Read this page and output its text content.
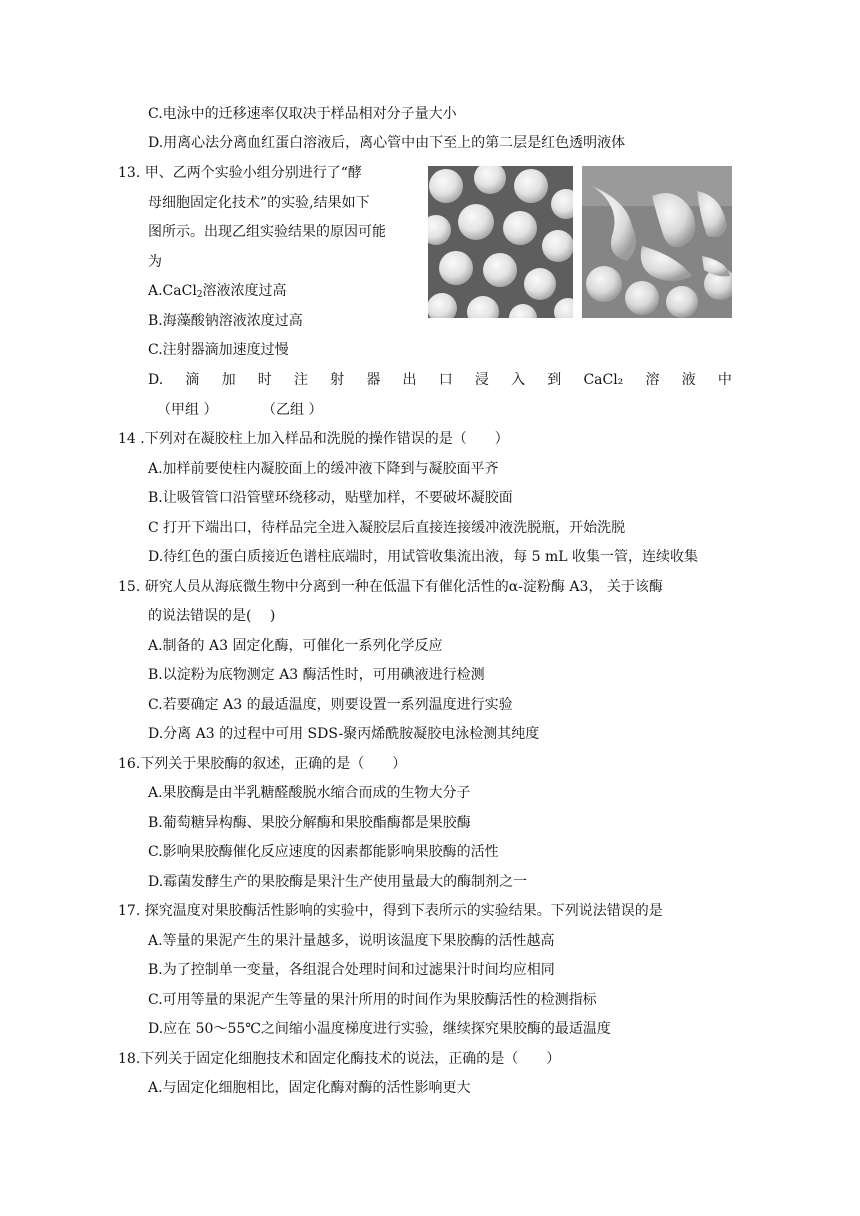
C.电泳中的迁移速率仅取决于样品相对分子量大小
D.用离心法分离血红蛋白溶液后，离心管中由下至上的第二层是红色透明液体
13. 甲、乙两个实验小组分别进行了“酵
母细胞固定化技术”的实验,结果如下
图所示。出现乙组实验结果的原因可能
为
A.CaCl$_2$溶液浓度过高
B.海藻酸钠溶液浓度过高
C.注射器滴加速度过慢
D. 滴 加 时 注 射 器 出 口 浸 入 到 CaCl₂ 溶 液 中
（甲组 ）	（乙组 ）
14 .下列对在凝胶柱上加入样品和洗脱的操作错误的是（　　）
A.加样前要使柱内凝胶面上的缓冲液下降到与凝胶面平齐
B.让吸管管口沿管壁环绕移动，贴壁加样，不要破坏凝胶面
C 打开下端出口，待样品完全进入凝胶层后直接连接缓冲液洗脱瓶，开始洗脱
D.待红色的蛋白质接近色谱柱底端时，用试管收集流出液，每 5 mL 收集一管，连续收集
15. 研究人员从海底微生物中分离到一种在低温下有催化活性的α-淀粉酶 A3， 关于该酶
的说法错误的是(　 )
A.制备的 A3 固定化酶，可催化一系列化学反应
B.以淀粉为底物测定 A3 酶活性时，可用碘液进行检测
C.若要确定 A3 的最适温度，则要设置一系列温度进行实验
D.分离 A3 的过程中可用 SDS-聚丙烯酰胺凝胶电泳检测其纯度
16.下列关于果胶酶的叙述，正确的是（　　）
A.果胶酶是由半乳糖醛酸脱水缩合而成的生物大分子
B.葡萄糖异构酶、果胶分解酶和果胶酯酶都是果胶酶
C.影响果胶酶催化反应速度的因素都能影响果胶酶的活性
D.霉菌发酵生产的果胶酶是果汁生产使用量最大的酶制剂之一
17. 探究温度对果胶酶活性影响的实验中，得到下表所示的实验结果。下列说法错误的是
A.等量的果泥产生的果汁量越多，说明该温度下果胶酶的活性越高
B.为了控制单一变量，各组混合处理时间和过滤果汁时间均应相同
C.可用等量的果泥产生等量的果汁所用的时间作为果胶酶活性的检测指标
D.应在 50～55℃之间缩小温度梯度进行实验，继续探究果胶酶的最适温度
18.下列关于固定化细胞技术和固定化酶技术的说法，正确的是（　　）
A.与固定化细胞相比，固定化酶对酶的活性影响更大
